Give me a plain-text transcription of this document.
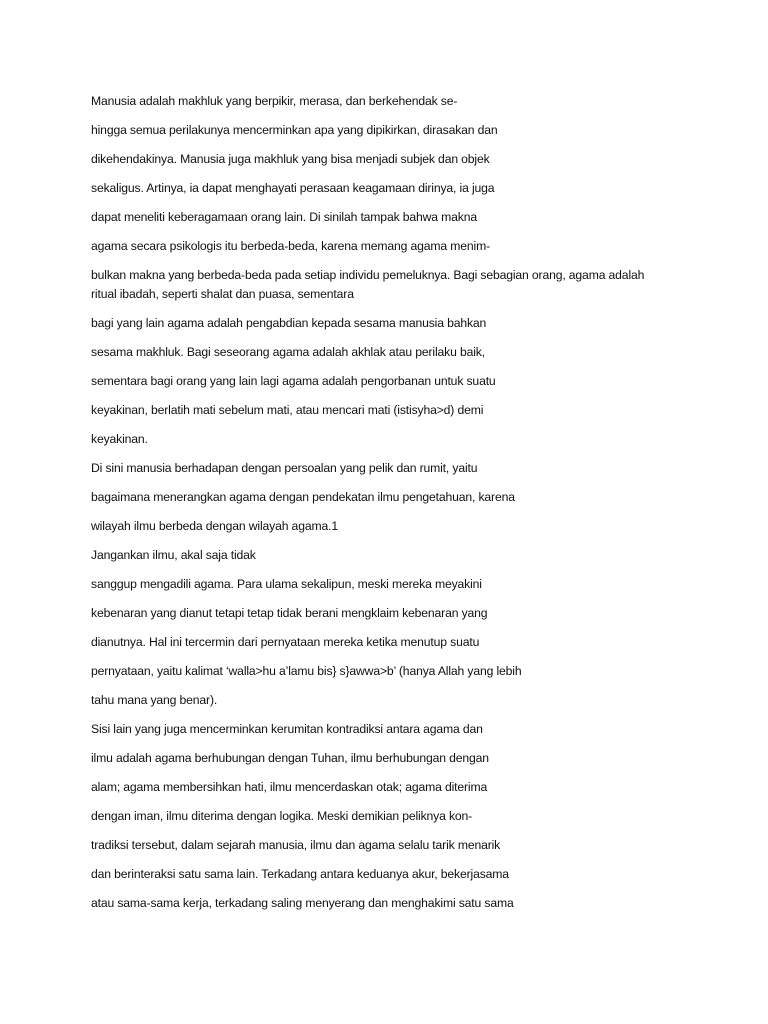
Manusia adalah makhluk yang berpikir, merasa, dan berkehendak se-
hingga semua perilakunya mencerminkan apa yang dipikirkan, dirasakan dan
dikehendakinya. Manusia juga makhluk yang bisa menjadi subjek dan objek
sekaligus. Artinya, ia dapat menghayati perasaan keagamaan dirinya, ia juga
dapat meneliti keberagamaan orang lain. Di sinilah tampak bahwa makna
agama secara psikologis itu berbeda-beda, karena memang agama menim-
bulkan makna yang berbeda-beda pada setiap individu pemeluknya. Bagi sebagian orang, agama adalah
ritual ibadah, seperti shalat dan puasa, sementara
bagi yang lain agama adalah pengabdian kepada sesama manusia bahkan
sesama makhluk. Bagi seseorang agama adalah akhlak atau perilaku baik,
sementara bagi orang yang lain lagi agama adalah pengorbanan untuk suatu
keyakinan, berlatih mati sebelum mati, atau mencari mati (istisyha>d) demi
keyakinan.
Di sini manusia berhadapan dengan persoalan yang pelik dan rumit, yaitu
bagaimana menerangkan agama dengan pendekatan ilmu pengetahuan, karena
wilayah ilmu berbeda dengan wilayah agama.1
Jangankan ilmu, akal saja tidak
sanggup mengadili agama. Para ulama sekalipun, meski mereka meyakini
kebenaran yang dianut tetapi tetap tidak berani mengklaim kebenaran yang
dianutnya. Hal ini tercermin dari pernyataan mereka ketika menutup suatu
pernyataan, yaitu kalimat ‘walla>hu a’lamu bis} s}awwa>b’ (hanya Allah yang lebih
tahu mana yang benar).
Sisi lain yang juga mencerminkan kerumitan kontradiksi antara agama dan
ilmu adalah agama berhubungan dengan Tuhan, ilmu berhubungan dengan
alam; agama membersihkan hati, ilmu mencerdaskan otak; agama diterima
dengan iman, ilmu diterima dengan logika. Meski demikian peliknya kon-
tradiksi tersebut, dalam sejarah manusia, ilmu dan agama selalu tarik menarik
dan berinteraksi satu sama lain. Terkadang antara keduanya akur, bekerjasama
atau sama-sama kerja, terkadang saling menyerang dan menghakimi satu sama
